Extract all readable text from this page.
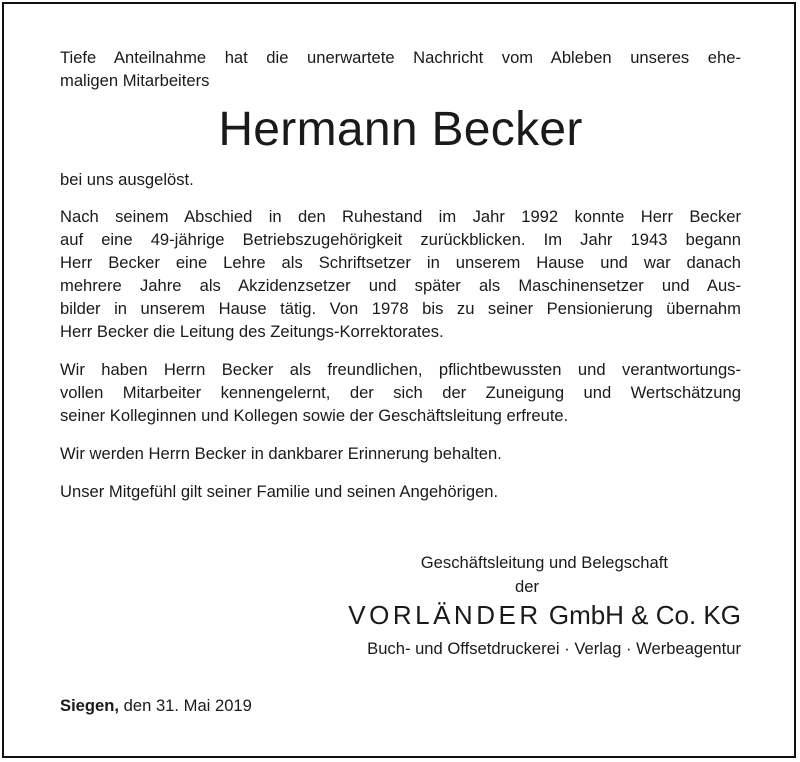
Tiefe Anteilnahme hat die unerwartete Nachricht vom Ableben unseres ehe-
maligen Mitarbeiters

Hermann Becker

bei uns ausgelöst.

Nach seinem Abschied in den Ruhestand im Jahr 1992 konnte Herr Becker
auf eine 49-jährige Betriebszugehörigkeit zurückblicken. Im Jahr 1943 begann
Herr Becker eine Lehre als Schriftsetzer in unserem Hause und war danach
mehrere Jahre als Akzidenzsetzer und später als Maschinensetzer und Aus-
bilder in unserem Hause tätig. Von 1978 bis zu seiner Pensionierung übernahm
Herr Becker die Leitung des Zeitungs-Korrektorates.

Wir haben Herrn Becker als freundlichen, pflichtbewussten und verantwortungs-
vollen Mitarbeiter kennengelernt, der sich der Zuneigung und Wertschätzung
seiner Kolleginnen und Kollegen sowie der Geschäftsleitung erfreute.

Wir werden Herrn Becker in dankbarer Erinnerung behalten.

Unser Mitgefühl gilt seiner Familie und seinen Angehörigen.

Geschäftsleitung und Belegschaft
der
VORLÄNDER GmbH & Co. KG
Buch- und Offsetdruckerei · Verlag · Werbeagentur
Siegen, den 31. Mai 2019
